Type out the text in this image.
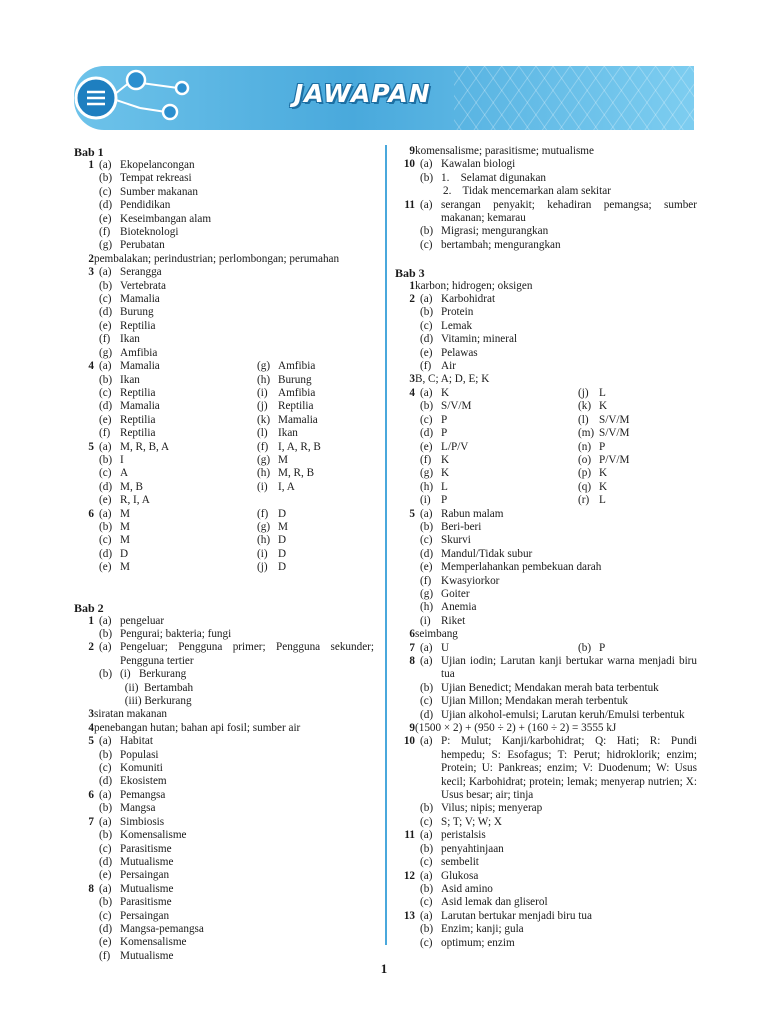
JAWAPAN
Bab 1
1 (a) Ekopelancongan
(b) Tempat rekreasi
(c) Sumber makanan
(d) Pendidikan
(e) Keseimbangan alam
(f) Bioteknologi
(g) Perubatan
2 pembalakan; perindustrian; perlombongan; perumahan
3 (a) Serangga
(b) Vertebrata
(c) Mamalia
(d) Burung
(e) Reptilia
(f) Ikan
(g) Amfibia
4 (a) Mamalia	(g) Amfibia
(b) Ikan	(h) Burung
(c) Reptilia	(i) Amfibia
(d) Mamalia	(j) Reptilia
(e) Reptilia	(k) Mamalia
(f) Reptilia	(l) Ikan
5 (a) M, R, B, A	(f) I, A, R, B
(b) I	(g) M
(c) A	(h) M, R, B
(d) M, B	(i) I, A
(e) R, I, A
6 (a) M	(f) D
(b) M	(g) M
(c) M	(h) D
(d) D	(i) D
(e) M	(j) D
Bab 2
1 (a) pengeluar
(b) Pengurai; bakteria; fungi
2 (a) Pengeluar; Pengguna primer; Pengguna sekunder; Pengguna tertier
(b) (i)   Berkurang
(ii)  Bertambah
(iii) Berkurang
3 siratan makanan
4 penebangan hutan; bahan api fosil; sumber air
5 (a) Habitat
(b) Populasi
(c) Komuniti
(d) Ekosistem
6 (a) Pemangsa
(b) Mangsa
7 (a) Simbiosis
(b) Komensalisme
(c) Parasitisme
(d) Mutualisme
(e) Persaingan
8 (a) Mutualisme
(b) Parasitisme
(c) Persaingan
(d) Mangsa-pemangsa
(e) Komensalisme
(f) Mutualisme
9 komensalisme; parasitisme; mutualisme
10 (a) Kawalan biologi
(b) 1.    Selamat digunakan
2.    Tidak mencemarkan alam sekitar
11 (a) serangan penyakit; kehadiran pemangsa; sumber makanan; kemarau
(b) Migrasi; mengurangkan
(c) bertambah; mengurangkan
Bab 3
1 karbon; hidrogen; oksigen
2 (a) Karbohidrat
(b) Protein
(c) Lemak
(d) Vitamin; mineral
(e) Pelawas
(f) Air
3 B, C; A; D, E; K
4 (a) K	(j) L
(b) S/V/M	(k) K
(c) P	(l) S/V/M
(d) P	(m) S/V/M
(e) L/P/V	(n) P
(f) K	(o) P/V/M
(g) K	(p) K
(h) L	(q) K
(i) P	(r) L
5 (a) Rabun malam
(b) Beri-beri
(c) Skurvi
(d) Mandul/Tidak subur
(e) Memperlahankan pembekuan darah
(f) Kwasyiorkor
(g) Goiter
(h) Anemia
(i) Riket
6 seimbang
7 (a) U	(b) P
8 (a) Ujian iodin; Larutan kanji bertukar warna menjadi biru tua
(b) Ujian Benedict; Mendakan merah bata terbentuk
(c) Ujian Millon; Mendakan merah terbentuk
(d) Ujian alkohol-emulsi; Larutan keruh/Emulsi terbentuk
9 (1500 × 2) + (950 ÷ 2) + (160 ÷ 2) = 3555 kJ
10 (a) P: Mulut; Kanji/karbohidrat; Q: Hati; R: Pundi hempedu; S: Esofagus; T: Perut; hidroklorik; enzim; Protein; U: Pankreas; enzim; V: Duodenum; W: Usus kecil; Karbohidrat; protein; lemak; menyerap nutrien; X: Usus besar; air; tinja
(b) Vilus; nipis; menyerap
(c) S; T; V; W; X
11 (a) peristalsis
(b) penyahtinjaan
(c) sembelit
12 (a) Glukosa
(b) Asid amino
(c) Asid lemak dan gliserol
13 (a) Larutan bertukar menjadi biru tua
(b) Enzim; kanji; gula
(c) optimum; enzim
1
